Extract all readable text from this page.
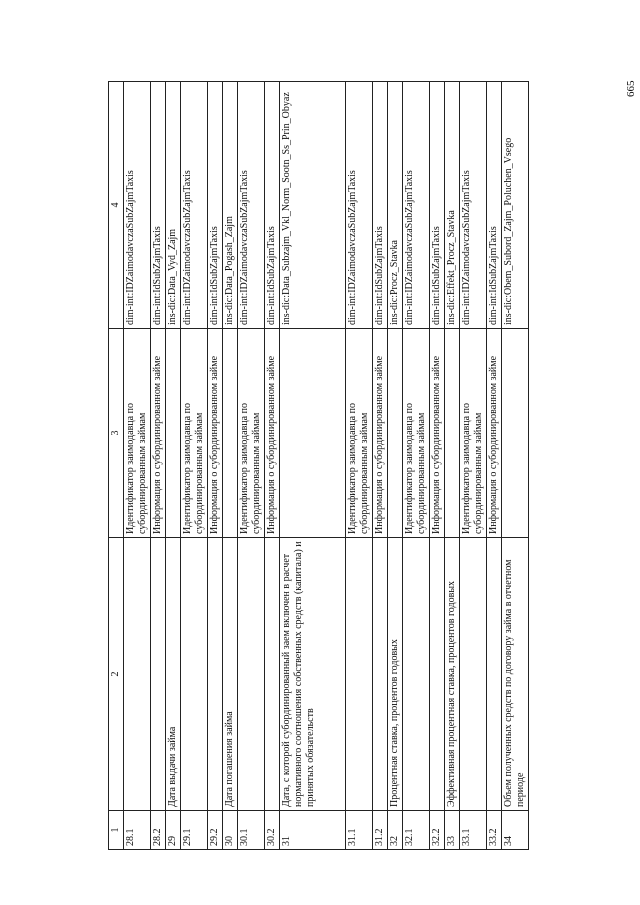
1	2	3	4
28.1		Идентификатор заимодавца по субординированным займам	dim-int:IDZaimodavczaSubZajmTaxis
28.2		Информация о субординированном займе	dim-int:IdSubZajmTaxis
29	Дата выдачи займа		ins-dic:Data_Vyd_Zajm
29.1		Идентификатор заимодавца по субординированным займам	dim-int:IDZaimodavczaSubZajmTaxis
29.2		Информация о субординированном займе	dim-int:IdSubZajmTaxis
30	Дата погашения займа		ins-dic:Data_Pogash_Zajm
30.1		Идентификатор заимодавца по субординированным займам	dim-int:IDZaimodavczaSubZajmTaxis
30.2		Информация о субординированном займе	dim-int:IdSubZajmTaxis
31	Дата, с которой субординированный заем включен в расчет нормативного соотношения собственных средств (капитала) и принятых обязательств		ins-dic:Data_Subzajm_Vkl_Norm_Sootn_Ss_Prin_Obyaz
31.1		Идентификатор заимодавца по субординированным займам	dim-int:IDZaimodavczaSubZajmTaxis
31.2		Информация о субординированном займе	dim-int:IdSubZajmTaxis
32	Процентная ставка, процентов годовых		ins-dic:Procz_Stavka
32.1		Идентификатор заимодавца по субординированным займам	dim-int:IDZaimodavczaSubZajmTaxis
32.2		Информация о субординированном займе	dim-int:IdSubZajmTaxis
33	Эффективная процентная ставка, процентов годовых		ins-dic:Effekt_Procz_Stavka
33.1		Идентификатор заимодавца по субординированным займам	dim-int:IDZaimodavczaSubZajmTaxis
33.2		Информация о субординированном займе	dim-int:IdSubZajmTaxis
34	Объем полученных средств по договору займа в отчетном периоде		ins-dic:Obem_Subord_Zajm_Poluchen_Vsego
665
